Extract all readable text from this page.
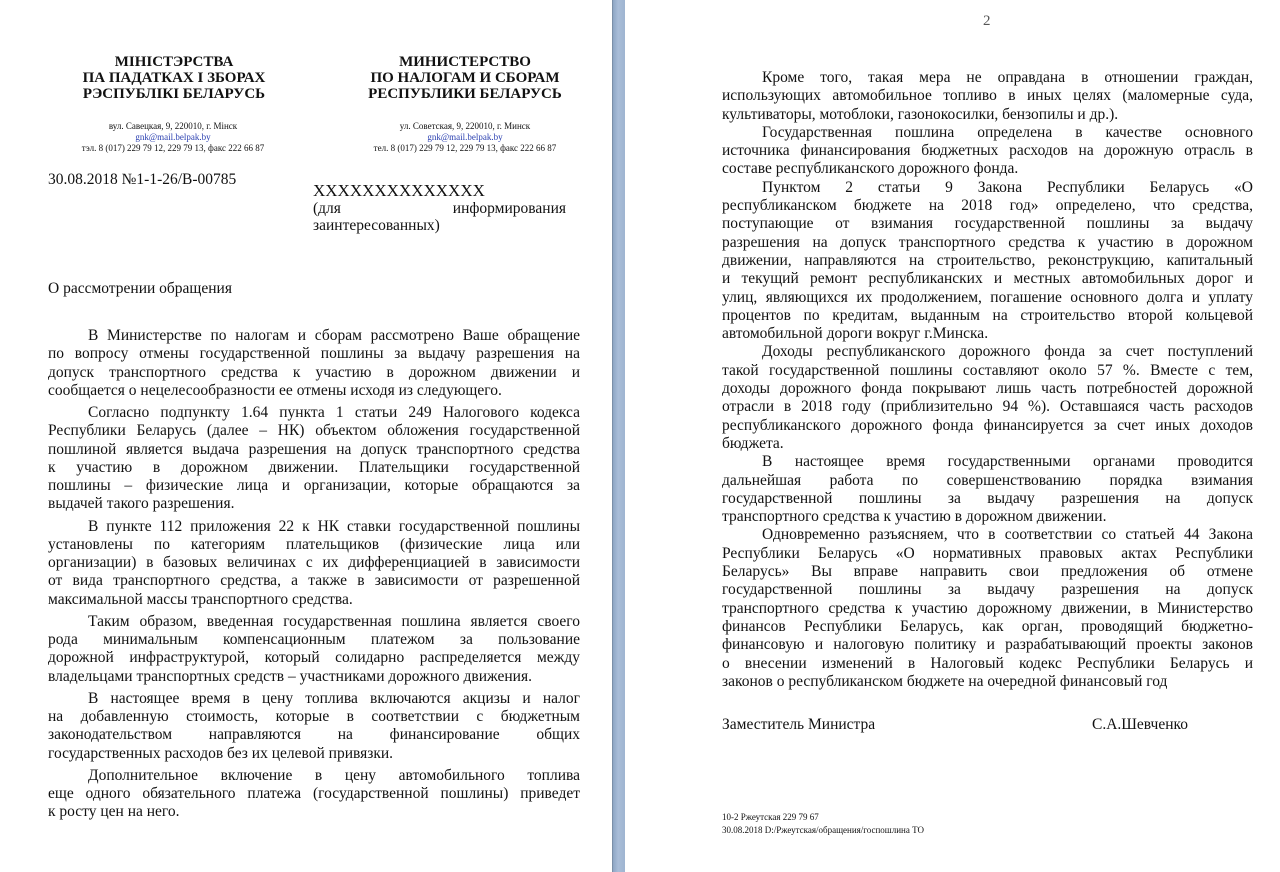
МІНІСТЭРСТВА
ПА ПАДАТКАХ І ЗБОРАХ
РЭСПУБЛІКІ БЕЛАРУСЬ
МИНИСТЕРСТВО
ПО НАЛОГАМ И СБОРАМ
РЕСПУБЛИКИ БЕЛАРУСЬ
вул. Савецкая, 9, 220010, г. Мінск
gnk@mail.belpak.by
тэл. 8 (017) 229 79 12, 229 79 13, факс 222 66 87
ул. Советская, 9, 220010, г. Минск
gnk@mail.belpak.by
тел. 8 (017) 229 79 12, 229 79 13, факс 222 66 87
30.08.2018 №1-1-26/В-00785
XXXXXXXXXXXXXX
(для	информирования
заинтересованных)
О рассмотрении обращения
В Министерстве по налогам и сборам рассмотрено Ваше обращение
по вопросу отмены государственной пошлины за выдачу разрешения на
допуск транспортного средства к участию в дорожном движении и
сообщается о нецелесообразности ее отмены исходя из следующего.
Согласно подпункту 1.64 пункта 1 статьи 249 Налогового кодекса
Республики Беларусь (далее – НК) объектом обложения государственной
пошлиной является выдача разрешения на допуск транспортного средства
к участию в дорожном движении. Плательщики государственной
пошлины – физические лица и организации, которые обращаются за
выдачей такого разрешения.
В пункте 112 приложения 22 к НК ставки государственной пошлины
установлены по категориям плательщиков (физические лица или
организации) в базовых величинах с их дифференциацией в зависимости
от вида транспортного средства, а также в зависимости от разрешенной
максимальной массы транспортного средства.
Таким образом, введенная государственная пошлина является своего
рода минимальным компенсационным платежом за пользование
дорожной инфраструктурой, который солидарно распределяется между
владельцами транспортных средств – участниками дорожного движения.
В настоящее время в цену топлива включаются акцизы и налог
на добавленную стоимость, которые в соответствии с бюджетным
законодательством направляются на финансирование общих
государственных расходов без их целевой привязки.
Дополнительное включение в цену автомобильного топлива
еще одного обязательного платежа (государственной пошлины) приведет
к росту цен на него.
2
Кроме того, такая мера не оправдана в отношении граждан,
использующих автомобильное топливо в иных целях (маломерные суда,
культиваторы, мотоблоки, газонокосилки, бензопилы и др.).
Государственная пошлина определена в качестве основного
источника финансирования бюджетных расходов на дорожную отрасль в
составе республиканского дорожного фонда.
Пунктом 2 статьи 9 Закона Республики Беларусь «О
республиканском бюджете на 2018 год» определено, что средства,
поступающие от взимания государственной пошлины за выдачу
разрешения на допуск транспортного средства к участию в дорожном
движении, направляются на строительство, реконструкцию, капитальный
и текущий ремонт республиканских и местных автомобильных дорог и
улиц, являющихся их продолжением, погашение основного долга и уплату
процентов по кредитам, выданным на строительство второй кольцевой
автомобильной дороги вокруг г.Минска.
Доходы республиканского дорожного фонда за счет поступлений
такой государственной пошлины составляют около 57 %. Вместе с тем,
доходы дорожного фонда покрывают лишь часть потребностей дорожной
отрасли в 2018 году (приблизительно 94 %). Оставшаяся часть расходов
республиканского дорожного фонда финансируется за счет иных доходов
бюджета.
В настоящее время государственными органами проводится
дальнейшая работа по совершенствованию порядка взимания
государственной пошлины за выдачу разрешения на допуск
транспортного средства к участию в дорожном движении.
Одновременно разъясняем, что в соответствии со статьей 44 Закона
Республики Беларусь «О нормативных правовых актах Республики
Беларусь» Вы вправе направить свои предложения об отмене
государственной пошлины за выдачу разрешения на допуск
транспортного средства к участию дорожному движении, в Министерство
финансов Республики Беларусь, как орган, проводящий бюджетно-
финансовую и налоговую политику и разрабатывающий проекты законов
о внесении изменений в Налоговый кодекс Республики Беларусь и
законов о республиканском бюджете на очередной финансовый год
Заместитель Министра	С.А.Шевченко
10-2 Ржеутская 229 79 67
30.08.2018 D:/Ржеутская/обращения/госпошлина ТО
